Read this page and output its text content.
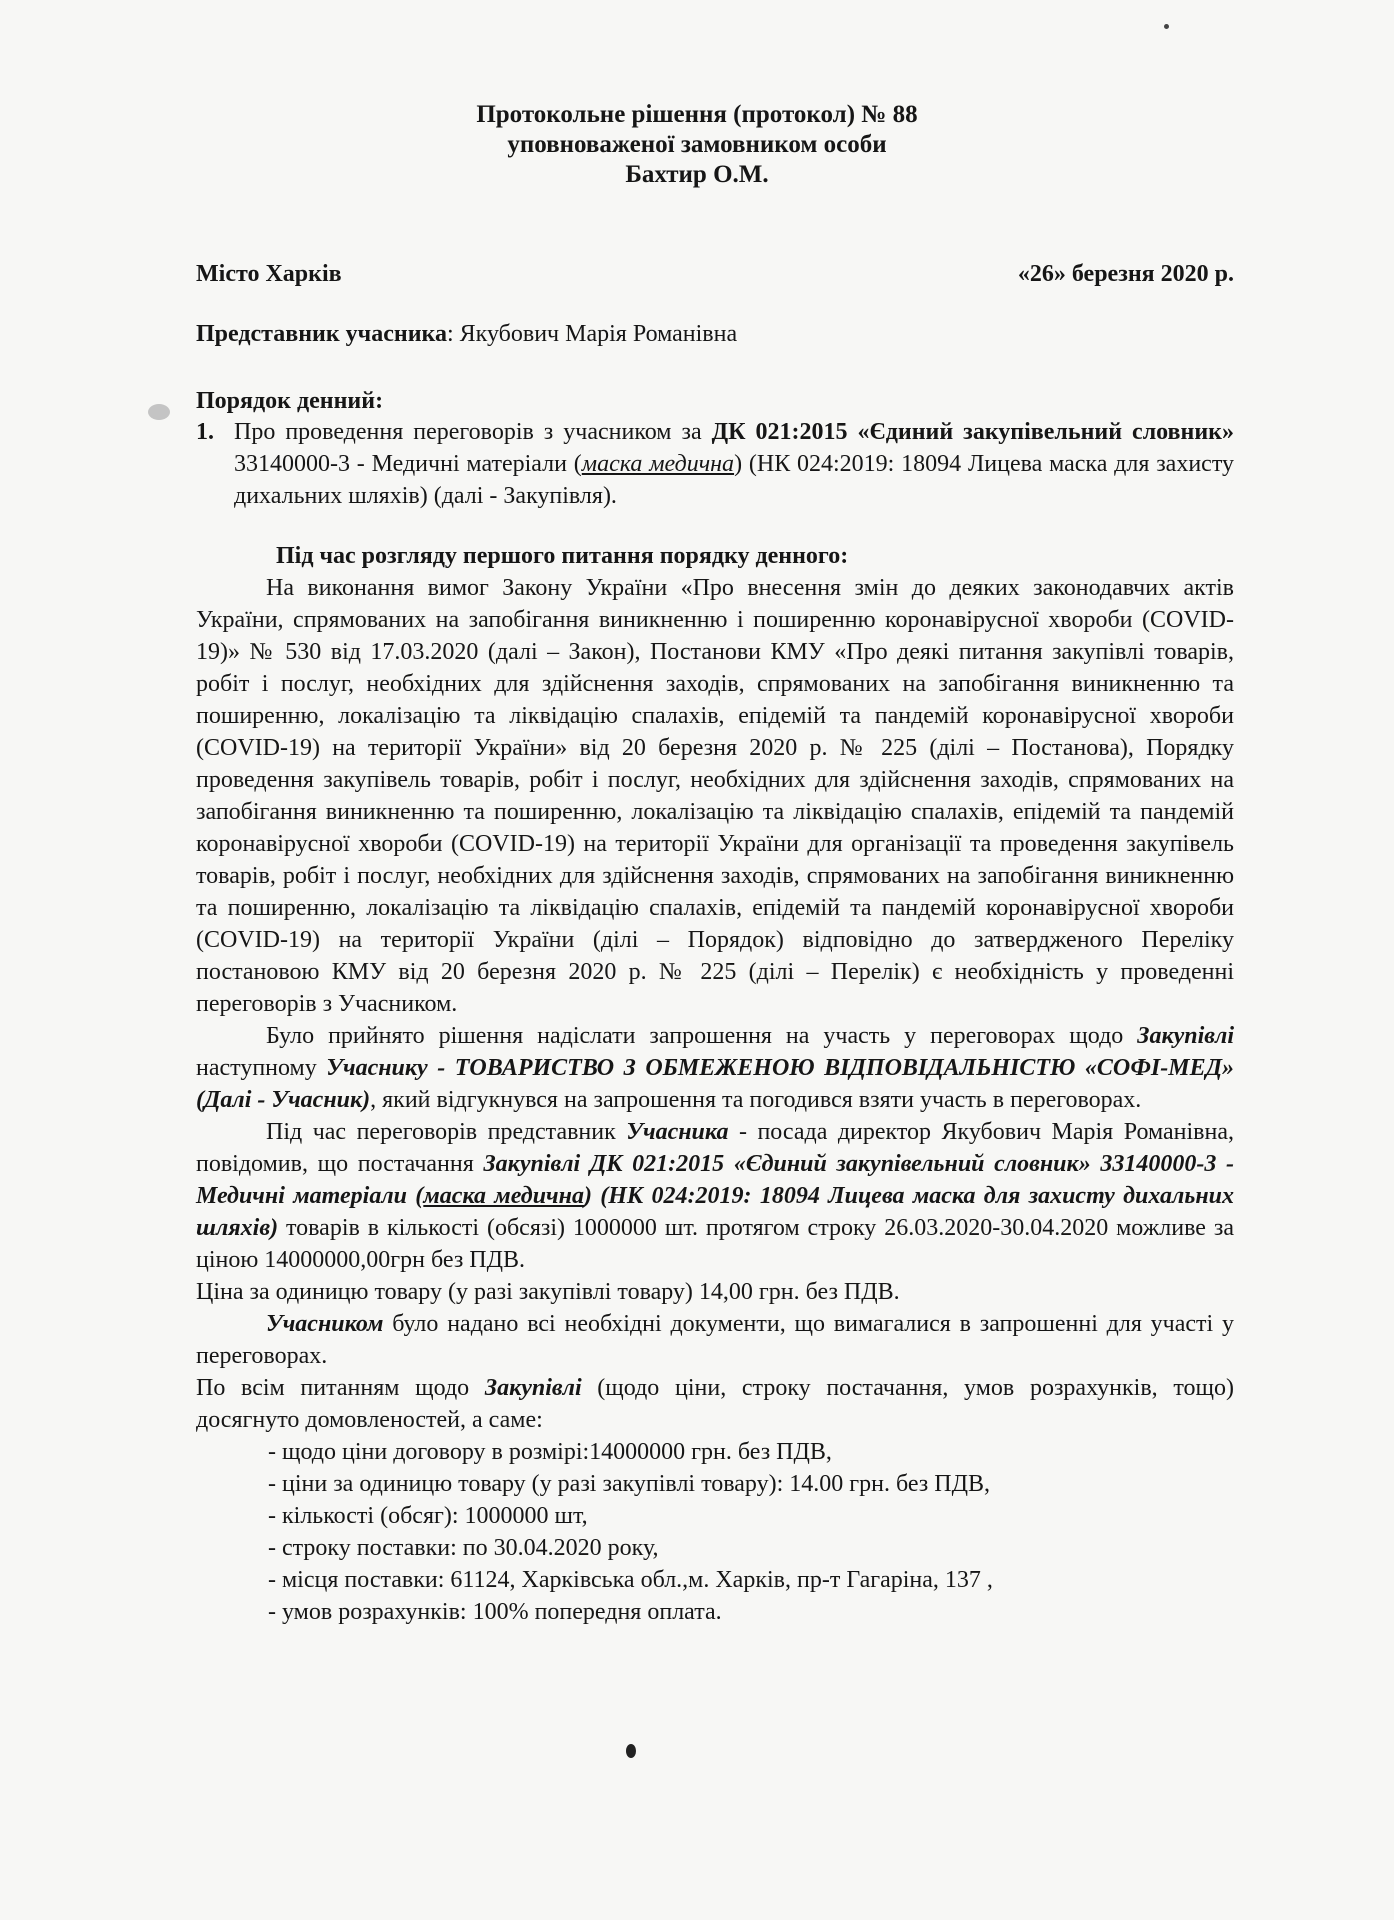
Протокольне рішення (протокол) № 88
уповноваженої замовником особи
Бахтир О.М.
Місто Харків	«26» березня 2020 р.
Представник учасника: Якубович Марія Романівна
Порядок денний:
1. Про проведення переговорів з учасником за ДК 021:2015 «Єдиний закупівельний словник» 33140000-3 - Медичні матеріали (маска медична) (НК 024:2019: 18094 Лицева маска для захисту дихальних шляхів) (далі - Закупівля).
Під час розгляду першого питання порядку денного:

На виконання вимог Закону України «Про внесення змін до деяких законодавчих актів України, спрямованих на запобігання виникненню і поширенню коронавірусної хвороби (COVID-19)» № 530 від 17.03.2020 (далі – Закон), Постанови КМУ «Про деякі питання закупівлі товарів, робіт і послуг, необхідних для здійснення заходів, спрямованих на запобігання виникненню та поширенню, локалізацію та ліквідацію спалахів, епідемій та пандемій коронавірусної хвороби (COVID-19) на території України» від 20 березня 2020 р. № 225 (ділі – Постанова), Порядку проведення закупівель товарів, робіт і послуг, необхідних для здійснення заходів, спрямованих на запобігання виникненню та поширенню, локалізацію та ліквідацію спалахів, епідемій та пандемій коронавірусної хвороби (COVID-19) на території України для організації та проведення закупівель товарів, робіт і послуг, необхідних для здійснення заходів, спрямованих на запобігання виникненню та поширенню, локалізацію та ліквідацію спалахів, епідемій та пандемій коронавірусної хвороби (COVID-19) на території України (ділі – Порядок) відповідно до затвердженого Переліку постановою КМУ від 20 березня 2020 р. № 225 (ділі – Перелік) є необхідність у проведенні переговорів з Учасником.

Було прийнято рішення надіслати запрошення на участь у переговорах щодо Закупівлі наступному Учаснику - ТОВАРИСТВО З ОБМЕЖЕНОЮ ВІДПОВІДАЛЬНІСТЮ «СОФІ-МЕД» (Далі - Учасник), який відгукнувся на запрошення та погодився взяти участь в переговорах.

Під час переговорів представник Учасника - посада директор Якубович Марія Романівна, повідомив, що постачання Закупівлі ДК 021:2015 «Єдиний закупівельний словник» 33140000-3 - Медичні матеріали (маска медична) (НК 024:2019: 18094 Лицева маска для захисту дихальних шляхів) товарів в кількості (обсязі) 1000000 шт. протягом строку 26.03.2020-30.04.2020 можливе за ціною 14000000,00грн без ПДВ.

Ціна за одиницю товару (у разі закупівлі товару) 14,00 грн. без ПДВ.

Учасником було надано всі необхідні документи, що вимагалися в запрошенні для участі у переговорах.

По всім питанням щодо Закупівлі (щодо ціни, строку постачання, умов розрахунків, тощо) досягнуто домовленостей, а саме:

- щодо ціни договору в розмірі:14000000 грн. без ПДВ,
- ціни за одиницю товару (у разі закупівлі товару): 14.00 грн. без ПДВ,
- кількості (обсяг): 1000000 шт,
- строку поставки: по 30.04.2020 року,
- місця поставки: 61124, Харківська обл.,м. Харків, пр-т Гагаріна, 137 ,
- умов розрахунків: 100% попередня оплата.
